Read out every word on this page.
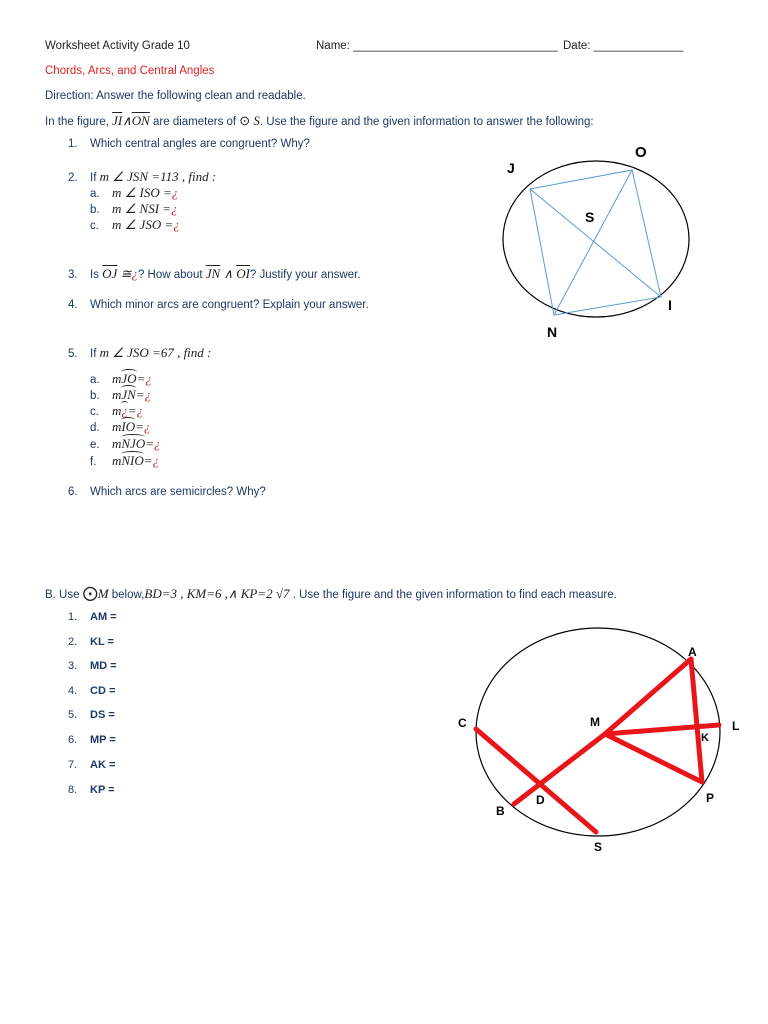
Worksheet Activity Grade 10	Name: ________________________________ Date: ______________
Chords, Arcs, and Central Angles
Direction: Answer the following clean and readable.
In the figure, $\overline{JI}\wedge\overline{ON}$ are diameters of ⊙ S. Use the figure and the given information to answer the following:
1. Which central angles are congruent? Why?
2. If m ∠ JSN =113 , find :
a. m ∠ ISO =¿
b. m ∠ NSI =¿
c. m ∠ JSO =¿
3. Is $\overline{OJ}$ ≅¿? How about $\overline{JN}$ ∧ $\overline{OI}$? Justify your answer.
4. Which minor arcs are congruent? Explain your answer.
5. If m ∠ JSO =67 , find :
a. mJO=¿
b. mJN=¿
c. m¿=¿
d. mIO=¿
e. mNJO=¿
f. mNIO=¿
6. Which arcs are semicircles? Why?
J
O
S
I
N
B. Use ⨀M below,BD=3 , KM=6 ,∧ KP=2 √7 . Use the figure and the given information to find each measure.
1. AM =
2. KL =
3. MD =
4. CD =
5. DS =
6. MP =
7. AK =
8. KP =
A
C	M	L
K
D
B
P
S
